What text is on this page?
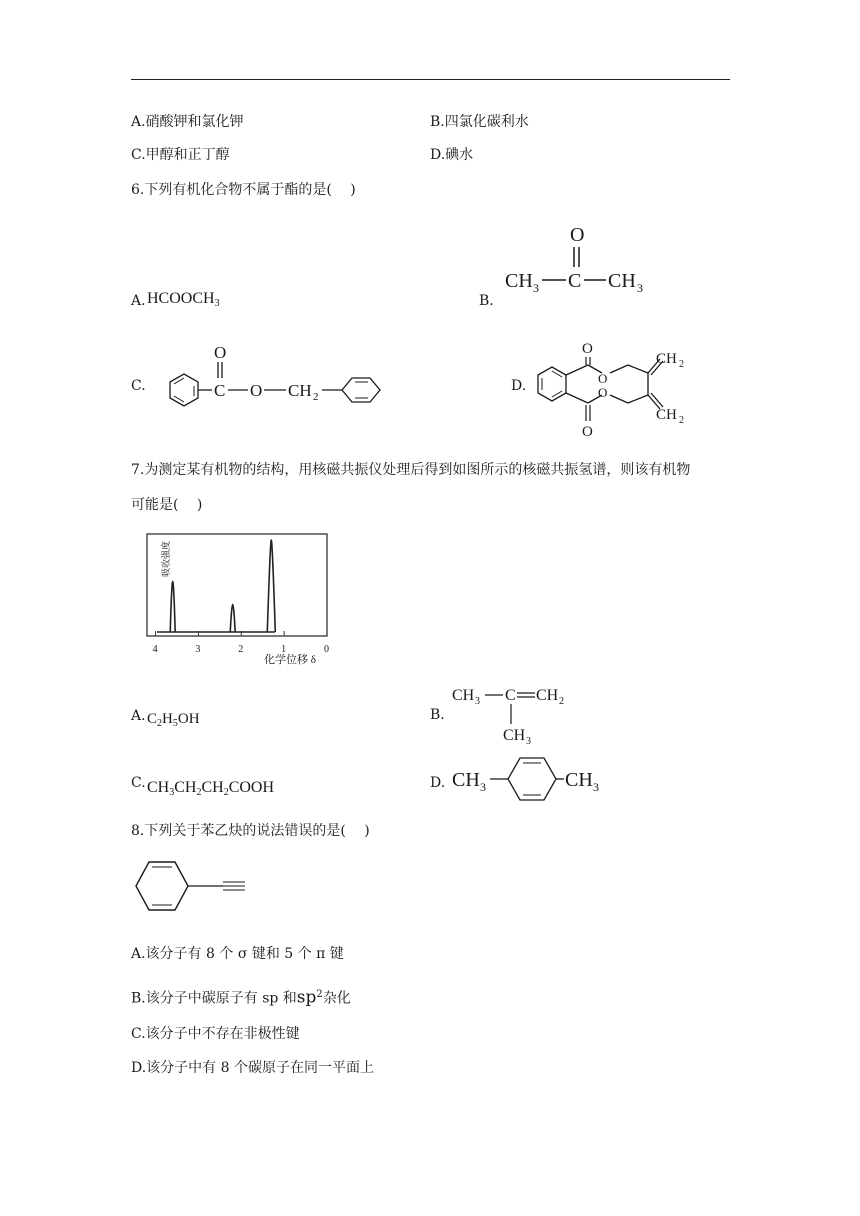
A.硝酸钾和氯化钾	B.四氯化碳利水
C.甲醇和正丁醇	D.碘水
6.下列有机化合物不属于酯的是(　 )
A. $HCOOCH_3$	B.
O
CH 3 C CH 3
C.
O
C O CH 2
D.
O
O
O
O
CH 2
CH 2
7.为测定某有机物的结构，用核磁共振仪处理后得到如图所示的核磁共振氢谱，则该有机物
可能是(　 )
吸收强度
4	3	2	1	0
化学位移 δ
A. $C_2H_5OH$	B.
CH 3 C CH 2
CH 3
C. $CH_3CH_2CH_2COOH$	D. CH 3	CH 3
8.下列关于苯乙炔的说法错误的是(　 )
A.该分子有 8 个 σ 键和 5 个 π 键
B.该分子中碳原子有 sp 和$sp^2$杂化
C.该分子中不存在非极性键
D.该分子中有 8 个碳原子在同一平面上
